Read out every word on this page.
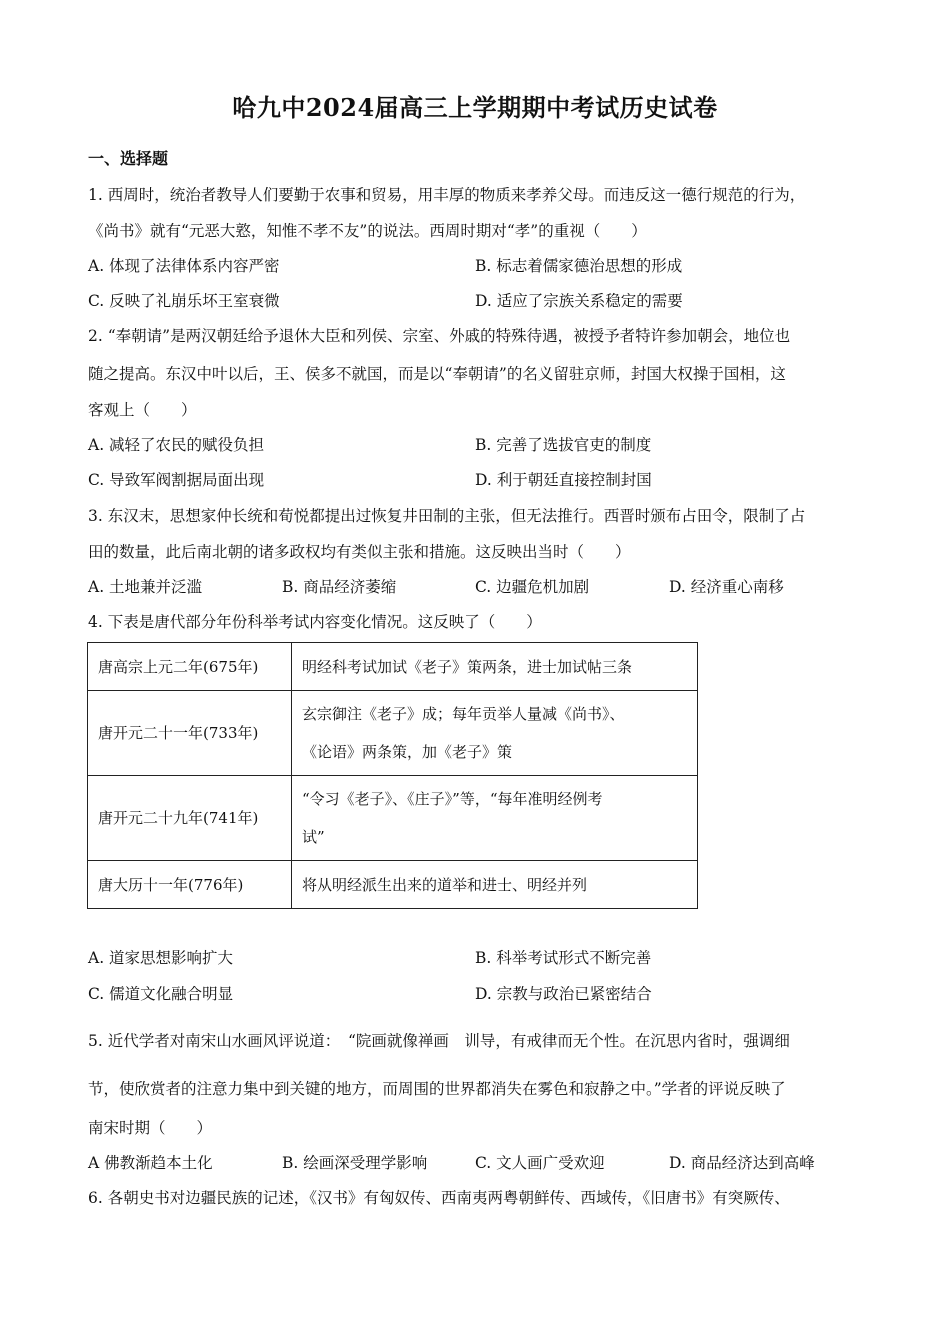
哈九中2024届高三上学期期中考试历史试卷
一、选择题
1. 西周时，统治者教导人们要勤于农事和贸易，用丰厚的物质来孝养父母。而违反这一德行规范的行为，
《尚书》就有“元恶大憝，知惟不孝不友”的说法。西周时期对“孝”的重视（　　）
A. 体现了法律体系内容严密	B. 标志着儒家德治思想的形成
C. 反映了礼崩乐坏王室衰微	D. 适应了宗族关系稳定的需要
2. “奉朝请”是两汉朝廷给予退休大臣和列侯、宗室、外戚的特殊待遇，被授予者特许参加朝会，地位也
随之提高。东汉中叶以后，王、侯多不就国，而是以“奉朝请”的名义留驻京师，封国大权操于国相，这
客观上（　　）
A. 减轻了农民的赋役负担	B. 完善了选拔官吏的制度
C. 导致军阀割据局面出现	D. 利于朝廷直接控制封国
3. 东汉末，思想家仲长统和荀悦都提出过恢复井田制的主张，但无法推行。西晋时颁布占田令，限制了占
田的数量，此后南北朝的诸多政权均有类似主张和措施。这反映出当时（　　）
A. 土地兼并泛滥	B. 商品经济萎缩	C. 边疆危机加剧	D. 经济重心南移
4. 下表是唐代部分年份科举考试内容变化情况。这反映了（　　）
唐高宗上元二年(675年)	明经科考试加试《老子》策两条，进士加试帖三条

唐开元二十一年(733年)	玄宗御注《老子》成；每年贡举人量减《尚书》、
《论语》两条策，加《老子》策

唐开元二十九年(741年)	“令习《老子》、《庄子》”等，“每年准明经例考
试”

唐大历十一年(776年)	将从明经派生出来的道举和进士、明经并列
A. 道家思想影响扩大	B. 科举考试形式不断完善
C. 儒道文化融合明显	D. 宗教与政治已紧密结合
5. 近代学者对南宋山水画风评说道：　“院画就像禅画　训导，有戒律而无个性。在沉思内省时，强调细
节，使欣赏者的注意力集中到关键的地方，而周围的世界都消失在雾色和寂静之中。”学者的评说反映了
南宋时期（　　）
A 佛教渐趋本土化	B. 绘画深受理学影响	C. 文人画广受欢迎	D. 商品经济达到高峰
6. 各朝史书对边疆民族的记述，《汉书》有匈奴传、西南夷两粤朝鲜传、西域传，《旧唐书》有突厥传、
